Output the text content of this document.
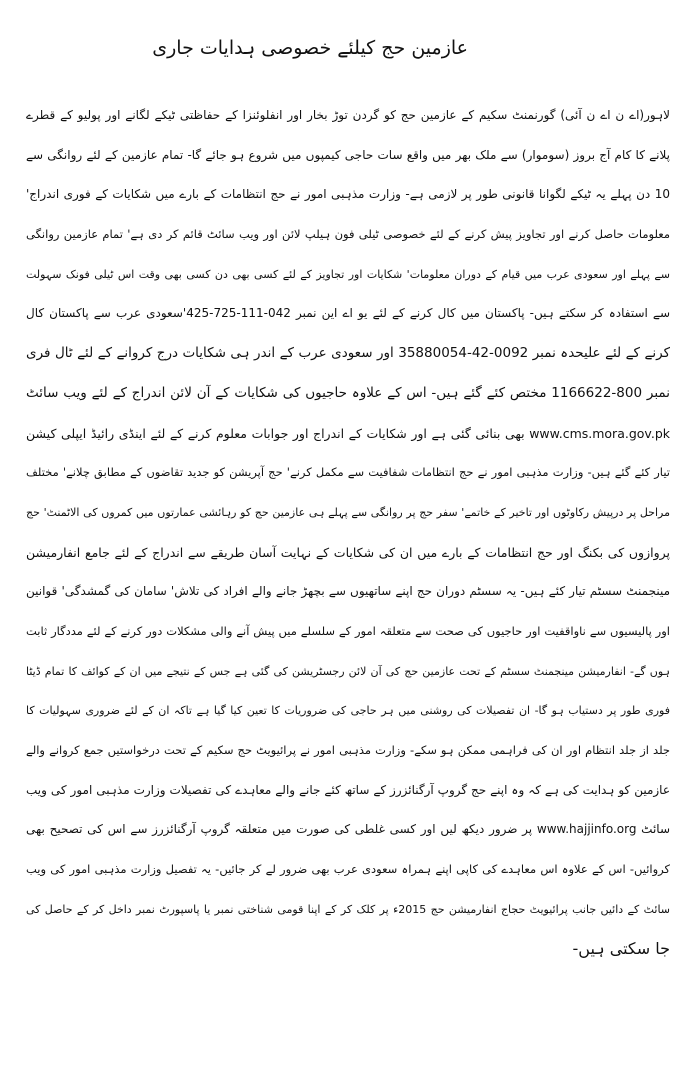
عازمین حج کیلئے خصوصی ہدایات جاری
لاہور(اے ن اے ن آئی) گورنمنٹ سکیم کے عازمین حج کو گردن توڑ بخار اور انفلوئنزا کے حفاظتی ٹیکے لگانے اور پولیو کے قطرے
پلانے کا کام آج بروز (سوموار) سے ملک بھر میں واقع سات حاجی کیمپوں میں شروع ہو جائے گا- تمام عازمین کے لئے روانگی سے
10 دن پہلے یہ ٹیکے لگوانا قانونی طور پر لازمی ہے- وزارت مذہبی امور نے حج انتظامات کے بارے میں شکایات کے فوری اندراج'
معلومات حاصل کرنے اور تجاویز پیش کرنے کے لئے خصوصی ٹیلی فون ہیلپ لائن اور ویب سائٹ قائم کر دی ہے' تمام عازمین روانگی
سے پہلے اور سعودی عرب میں قیام کے دوران معلومات' شکایات اور تجاویز کے لئے کسی بھی دن کسی بھی وقت اس ٹیلی فونک سہولت
سے استفادہ کر سکتے ہیں- پاکستان میں کال کرنے کے لئے یو اے این نمبر 042-111-725-425'سعودی عرب سے پاکستان کال
کرنے کے لئے علیحدہ نمبر 0092-42-35880054 اور سعودی عرب کے اندر ہی شکایات درج کروانے کے لئے ٹال فری
نمبر 800-1166622 مختص کئے گئے ہیں- اس کے علاوہ حاجیوں کی شکایات کے آن لائن اندراج کے لئے ویب سائٹ
www.cms.mora.gov.pk بھی بنائی گئی ہے اور شکایات کے اندراج اور جوابات معلوم کرنے کے لئے اینڈی رائیڈ ایپلی کیشن
تیار کئے گئے ہیں- وزارت مذہبی امور نے حج انتظامات شفافیت سے مکمل کرنے' حج آپریشن کو جدید تقاضوں کے مطابق چلانے' مختلف
مراحل پر درپیش رکاوٹوں اور تاخیر کے خاتمے' سفر حج پر روانگی سے پہلے ہی عازمین حج کو رہائشی عمارتوں میں کمروں کی الاٹمنٹ' حج
پروازوں کی بکنگ اور حج انتظامات کے بارے میں ان کی شکایات کے نہایت آسان طریقے سے اندراج کے لئے جامع انفارمیشن
مینجمنٹ سسٹم تیار کئے ہیں- یہ سسٹم دوران حج اپنے ساتھیوں سے بچھڑ جانے والے افراد کی تلاش' سامان کی گمشدگی' قوانین
اور پالیسیوں سے ناواقفیت اور حاجیوں کی صحت سے متعلقہ امور کے سلسلے میں پیش آنے والی مشکلات دور کرنے کے لئے مددگار ثابت
ہوں گے- انفارمیشن مینجمنٹ سسٹم کے تحت عازمین حج کی آن لائن رجسٹریشن کی گئی ہے جس کے نتیجے میں ان کے کوائف کا تمام ڈیٹا
فوری طور پر دستیاب ہو گا- ان تفصیلات کی روشنی میں ہر حاجی کی ضروریات کا تعین کیا گیا ہے تاکہ ان کے لئے ضروری سہولیات کا
جلد از جلد انتظام اور ان کی فراہمی ممکن ہو سکے- وزارت مذہبی امور نے پرائیویٹ حج سکیم کے تحت درخواستیں جمع کروانے والے
عازمین کو ہدایت کی ہے کہ وہ اپنے حج گروپ آرگنائزرز کے ساتھ کئے جانے والے معاہدے کی تفصیلات وزارت مذہبی امور کی ویب
سائٹ www.hajjinfo.org پر ضرور دیکھ لیں اور کسی غلطی کی صورت میں متعلقہ گروپ آرگنائزرز سے اس کی تصحیح بھی
کروائیں- اس کے علاوہ اس معاہدے کی کاپی اپنے ہمراہ سعودی عرب بھی ضرور لے کر جائیں- یہ تفصیل وزارت مذہبی امور کی ویب
سائٹ کے دائیں جانب پرائیویٹ حجاج انفارمیشن حج 2015ء پر کلک کر کے اپنا قومی شناختی نمبر یا پاسپورٹ نمبر داخل کر کے حاصل کی
جا سکتی ہیں-
